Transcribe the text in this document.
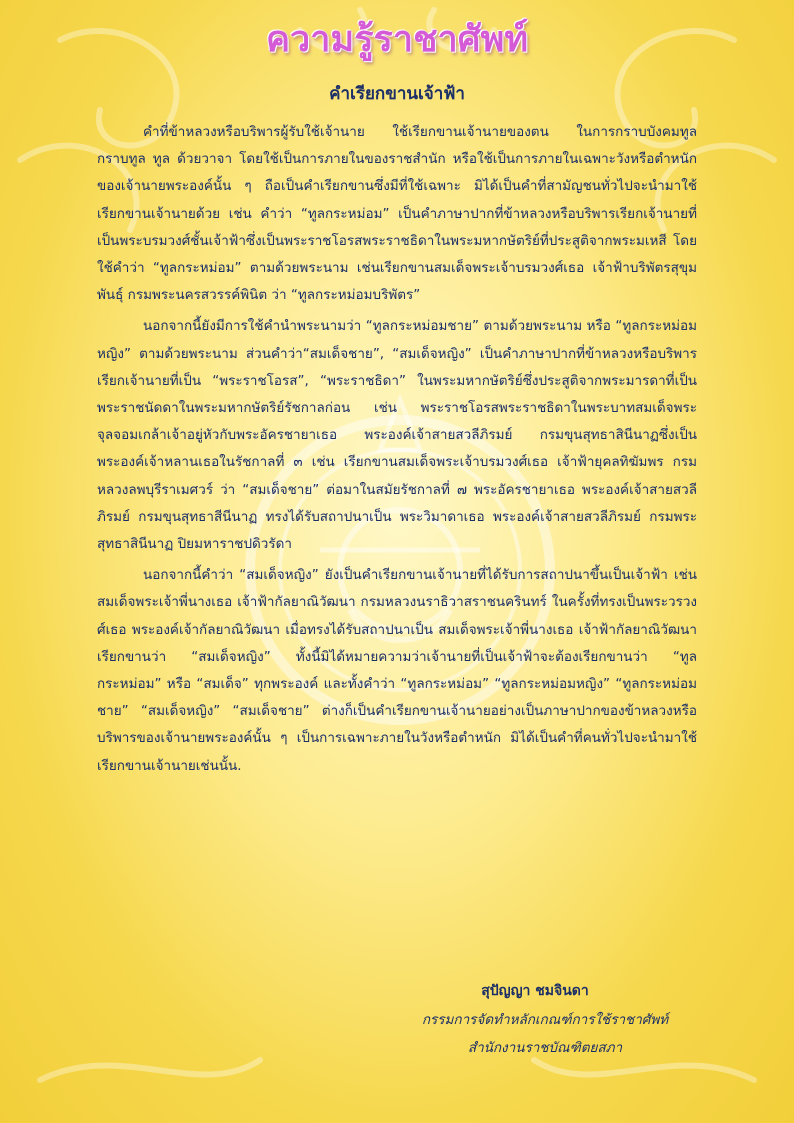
ความรู้ราชาศัพท์
คำเรียกขานเจ้าฟ้า

คำที่ข้าหลวงหรือบริพารผู้รับใช้เจ้านาย ใช้เรียกขานเจ้านายของตน ในการกราบบังคมทูล กราบทูล ทูล ด้วยวาจา โดยใช้เป็นการภายในของราชสำนัก หรือใช้เป็นการภายในเฉพาะวังหรือตำหนักของเจ้านายพระองค์นั้น ๆ ถือเป็นคำเรียกขานซึ่งมีที่ใช้เฉพาะ มิได้เป็นคำที่สามัญชนทั่วไปจะนำมาใช้เรียกขานเจ้านายด้วย เช่น คำว่า “ทูลกระหม่อม” เป็นคำภาษาปากที่ข้าหลวงหรือบริพารเรียกเจ้านายที่เป็นพระบรมวงศ์ชั้นเจ้าฟ้าซึ่งเป็นพระราชโอรสพระราชธิดาในพระมหากษัตริย์ที่ประสูติจากพระมเหสี โดยใช้คำว่า “ทูลกระหม่อม” ตามด้วยพระนาม เช่นเรียกขานสมเด็จพระเจ้าบรมวงศ์เธอ เจ้าฟ้าบริพัตรสุขุมพันธุ์ กรมพระนครสวรรค์พินิต ว่า “ทูลกระหม่อมบริพัตร”

นอกจากนี้ยังมีการใช้คำนำพระนามว่า “ทูลกระหม่อมชาย” ตามด้วยพระนาม หรือ “ทูลกระหม่อมหญิง” ตามด้วยพระนาม ส่วนคำว่า“สมเด็จชาย”, “สมเด็จหญิง” เป็นคำภาษาปากที่ข้าหลวงหรือบริพารเรียกเจ้านายที่เป็น “พระราชโอรส”, “พระราชธิดา” ในพระมหากษัตริย์ซึ่งประสูติจากพระมารดาที่เป็นพระราชนัดดาในพระมหากษัตริย์รัชกาลก่อน เช่น พระราชโอรสพระราชธิดาในพระบาทสมเด็จพระจุลจอมเกล้าเจ้าอยู่หัวกับพระอัครชายาเธอ พระองค์เจ้าสายสวลีภิรมย์ กรมขุนสุทธาสินีนาฏซึ่งเป็นพระองค์เจ้าหลานเธอในรัชกาลที่ ๓ เช่น เรียกขานสมเด็จพระเจ้าบรมวงศ์เธอ เจ้าฟ้ายุคลทิฆัมพร กรมหลวงลพบุรีราเมศวร์ ว่า “สมเด็จชาย” ต่อมาในสมัยรัชกาลที่ ๗ พระอัครชายาเธอ พระองค์เจ้าสายสวลีภิรมย์ กรมขุนสุทธาสีนีนาฏ ทรงได้รับสถาปนาเป็น พระวิมาดาเธอ พระองค์เจ้าสายสวลีภิรมย์ กรมพระสุทธาสินีนาฏ ปิยมหาราชปดิวรัดา

นอกจากนี้คำว่า “สมเด็จหญิง” ยังเป็นคำเรียกขานเจ้านายที่ได้รับการสถาปนาขึ้นเป็นเจ้าฟ้า เช่น สมเด็จพระเจ้าพี่นางเธอ เจ้าฟ้ากัลยาณิวัฒนา กรมหลวงนราธิวาสราชนครินทร์ ในครั้งที่ทรงเป็นพระวรวงศ์เธอ พระองค์เจ้ากัลยาณิวัฒนา เมื่อทรงได้รับสถาปนาเป็น สมเด็จพระเจ้าพี่นางเธอ เจ้าฟ้ากัลยาณิวัฒนา เรียกขานว่า “สมเด็จหญิง” ทั้งนี้มิได้หมายความว่าเจ้านายที่เป็นเจ้าฟ้าจะต้องเรียกขานว่า “ทูลกระหม่อม” หรือ “สมเด็จ” ทุกพระองค์ และทั้งคำว่า “ทูลกระหม่อม” “ทูลกระหม่อมหญิง” “ทูลกระหม่อมชาย” “สมเด็จหญิง” “สมเด็จชาย” ต่างก็เป็นคำเรียกขานเจ้านายอย่างเป็นภาษาปากของข้าหลวงหรือบริพารของเจ้านายพระองค์นั้น ๆ เป็นการเฉพาะภายในวังหรือตำหนัก มิได้เป็นคำที่คนทั่วไปจะนำมาใช้เรียกขานเจ้านายเช่นนั้น.

สุปัญญา ชมจินดา
กรรมการจัดทำหลักเกณฑ์การใช้ราชาศัพท์
สำนักงานราชบัณฑิตยสภา
